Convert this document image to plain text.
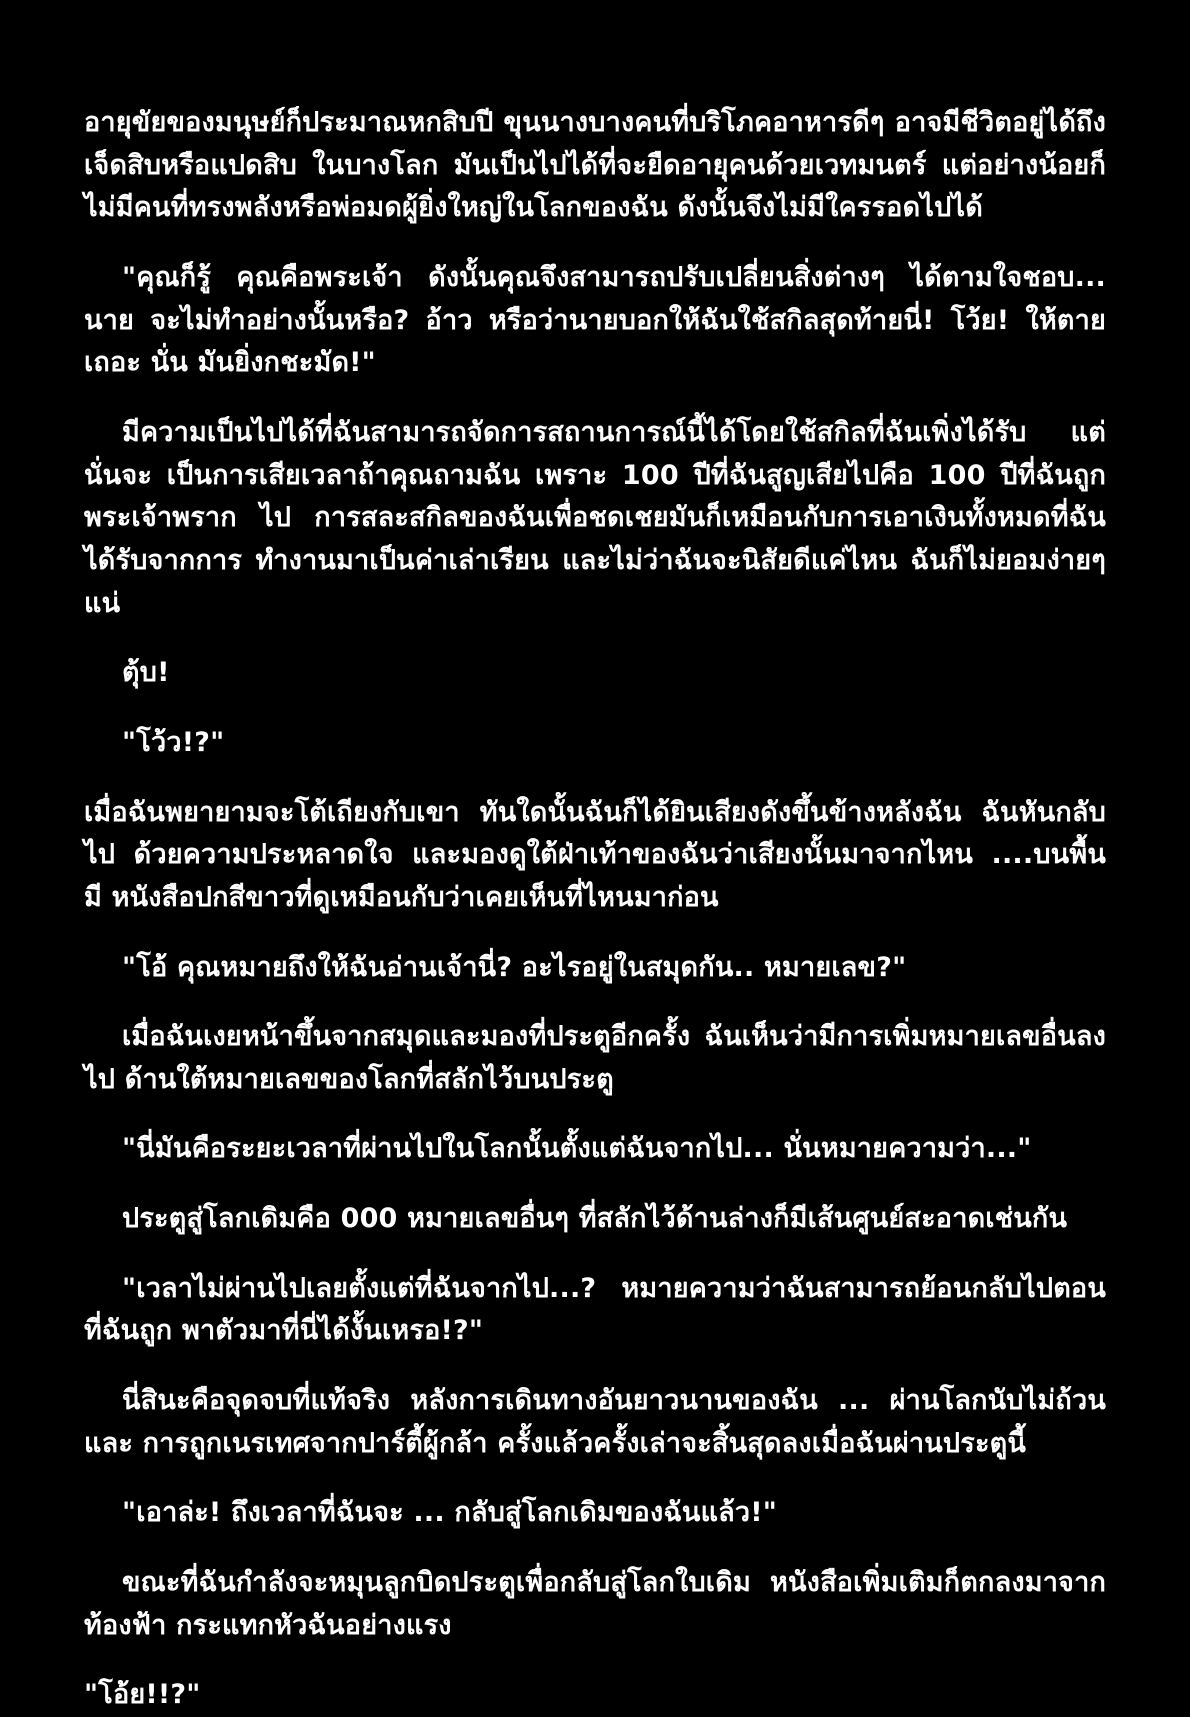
อายุขัยของมนุษย์ก็ประมาณหกสิบปี ขุนนางบางคนที่บริโภคอาหารดีๆ อาจมีชีวิตอยู่ได้ถึง เจ็ดสิบหรือแปดสิบ ในบางโลก มันเป็นไปได้ที่จะยืดอายุคนด้วยเวทมนตร์ แต่อย่างน้อยก็ ไม่มีคนที่ทรงพลังหรือพ่อมดผู้ยิ่งใหญ่ในโลกของฉัน ดังนั้นจึงไม่มีใครรอดไปได้

"คุณก็รู้ คุณคือพระเจ้า ดังนั้นคุณจึงสามารถปรับเปลี่ยนสิ่งต่างๆ ได้ตามใจชอบ... นาย จะไม่ทำอย่างนั้นหรือ? อ้าว หรือว่านายบอกให้ฉันใช้สกิลสุดท้ายนี่! โว้ย! ให้ตายเถอะ นั่น มันยิ่งกชะมัด!"

มีความเป็นไปได้ที่ฉันสามารถจัดการสถานการณ์นี้ได้โดยใช้สกิลที่ฉันเพิ่งได้รับ แต่นั่นจะ เป็นการเสียเวลาถ้าคุณถามฉัน เพราะ 100 ปีที่ฉันสูญเสียไปคือ 100 ปีที่ฉันถูกพระเจ้าพราก ไป การสละสกิลของฉันเพื่อชดเชยมันก็เหมือนกับการเอาเงินทั้งหมดที่ฉันได้รับจากการ ทำงานมาเป็นค่าเล่าเรียน และไม่ว่าฉันจะนิสัยดีแค่ไหน ฉันก็ไม่ยอมง่ายๆ แน่

ตุ้บ!

"โว้ว!?"

เมื่อฉันพยายามจะโต้เถียงกับเขา ทันใดนั้นฉันก็ได้ยินเสียงดังขึ้นข้างหลังฉัน ฉันหันกลับไป ด้วยความประหลาดใจ และมองดูใต้ฝ่าเท้าของฉันว่าเสียงนั้นมาจากไหน ....บนพื้น มี หนังสือปกสีขาวที่ดูเหมือนกับว่าเคยเห็นที่ไหนมาก่อน

"โอ้ คุณหมายถึงให้ฉันอ่านเจ้านี่? อะไรอยู่ในสมุดกัน.. หมายเลข?"

เมื่อฉันเงยหน้าขึ้นจากสมุดและมองที่ประตูอีกครั้ง ฉันเห็นว่ามีการเพิ่มหมายเลขอื่นลงไป ด้านใต้หมายเลขของโลกที่สลักไว้บนประตู

"นี่มันคือระยะเวลาที่ผ่านไปในโลกนั้นตั้งแต่ฉันจากไป... นั่นหมายความว่า..."

ประตูสู่โลกเดิมคือ 000 หมายเลขอื่นๆ ที่สลักไว้ด้านล่างก็มีเส้นศูนย์สะอาดเช่นกัน

"เวลาไม่ผ่านไปเลยตั้งแต่ที่ฉันจากไป...? หมายความว่าฉันสามารถย้อนกลับไปตอนที่ฉันถูก พาตัวมาที่นี่ได้งั้นเหรอ!?"

นี่สินะคือจุดจบที่แท้จริง หลังการเดินทางอันยาวนานของฉัน ... ผ่านโลกนับไม่ถ้วนและ การถูกเนรเทศจากปาร์ตี้ผู้กล้า ครั้งแล้วครั้งเล่าจะสิ้นสุดลงเมื่อฉันผ่านประตูนี้

"เอาล่ะ! ถึงเวลาที่ฉันจะ ... กลับสู่โลกเดิมของฉันแล้ว!"

ขณะที่ฉันกำลังจะหมุนลูกบิดประตูเพื่อกลับสู่โลกใบเดิม หนังสือเพิ่มเติมก็ตกลงมาจาก ท้องฟ้า กระแทกหัวฉันอย่างแรง

"โอ้ย!!?"
